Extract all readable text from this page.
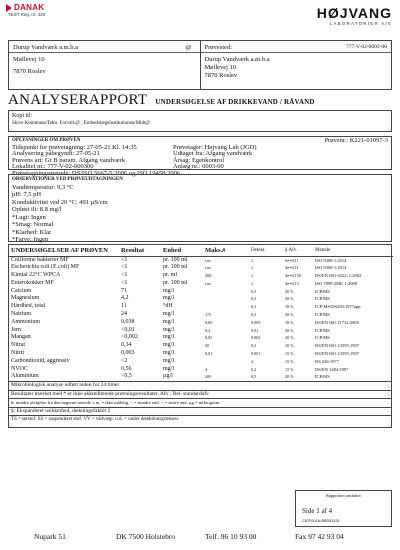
DANAK
TEST Reg. nr. 428	HØJVANG
LABORATORIER A/S
Durup Vandværk a.m.b.a	@
Møllevej 10
7870 Roslev
Prøvested:	777-V-02-0003-00
Durup Vandværk a.m.b.a
Møllevej 10
7870 Roslev
ANALYSERAPPORT UNDERSØGELSE AF DRIKKEVAND / RÅVAND
Kopi til:
Skive Kommune/Tekn. Forvalt.@ ; Embedslægeinstitutionen/Midt@
OPLYSNINGER OM PRØVEN	Prøvenr.: K221-01097-3
Tidspunkt for prøvetagning: 27-05-21 Kl. 14:35	Prøvetager: Højvang Lab (JGD)
Analysering påbegyndt: 27-05-21	Udtaget fra: Afgang vandværk
Prøvens art: Gr B param. Afgang vandværk	Årsag: Egenkontrol
Lokalitet nr.: 777-V-02-000300	Anlæg nr.: 0003-00
Prøvetagningsmetode: DS/ISO 5667-5:2006 og ISO 19458:2006
OBSERVATIONER VED PRØVEUDTAGNINGEN
Vandtemperatur: 9,3 °C
pH: 7,5 pH
Konduktivitet ved 20 °C: 491 µS/cm
Opløst ilt: 8,8 mg/l
*Lugt: Ingen
*Smag: Normal
*Klarhed: Klar
*Farve: Ingen
UNDERSØGELSER AF PRØVEN	Resultat	Enhed	Maks.#	Detekt.	§ Afv.	Metode
Coliforme bakterier MF	<1	pr. 100 ml	i.m.	1	Se=0,11	ISO 9308-1:2014
Escherichia coli (E.coli) MF	<1	pr. 100 ml	i.m.	1	Se=0,11	ISO 9308-1:2014
Kimtal 22°C WPCA	<1	pr. ml	200	1	Se=0,150	DS/EN ISO 6222, 1:2002
Enterokokker MF	<1	pr. 100 ml	i.m.	1	Se=0,13	ISO 7899-2MF, 1:2000
Calcium	71	mg/l		0,5	20 %	ICP/MS
Magnesium	4,2	mg/l		0,3	20 %	ICP/MS
Hårdhed, total	11	°dH		0,1	10 %	ICP-MS/DS250:1977app
Natrium	24	mg/l	175	0,3	20 %	ICP/MS
Ammonium	0,038	mg/l	0,05	0,005	10 %	DS/EN ISO 11732:2005
Jern	<0,01	mg/l	0,2	0,01	20 %	ICP/MS
Mangan	<0,002	mg/l	0,05	0,002	20 %	ICP/MS
Nitrat	0,34	mg/l	50	0,3	10 %	DS/EN ISO 13395:1997
Nitrit	0,003	mg/l	0,01	0,001	15 %	DS/EN ISO 13395:1997
Carbondioxid, aggressiv	<2	mg/l		2	15 %	DS 236:1977
NVOC	0,56	mg/l	4	0,2	15 %	DS/EN 1484:1997
Aluminium	<0,5	µg/l	200	0,5	20 %	ICP/MS
Mikrobiologisk analyse udført inden for 24 timer
Resultater mærket med * er ikke akkrediterede prøvningsresultater. Afv : Rel. standardafv.
#: mindre afvigelse fra den angivne metode. i.m. = ikke målelig. < = mindre end. > = større end. µg = mikrogram.
§: Ekspanderet usikkerhed, dækningsfaktor 2
TS = tørstof. SS = suspenderet stof. VV = vådvægt. u.d. = under detektionsgrænsen.
Rapporten omfatter
Side 1 af 4
C87F001A-BBD53131
Nupark 51	DK 7500 Holstebro	Telf. 96 10 93 00	Fax 97 42 93 04
